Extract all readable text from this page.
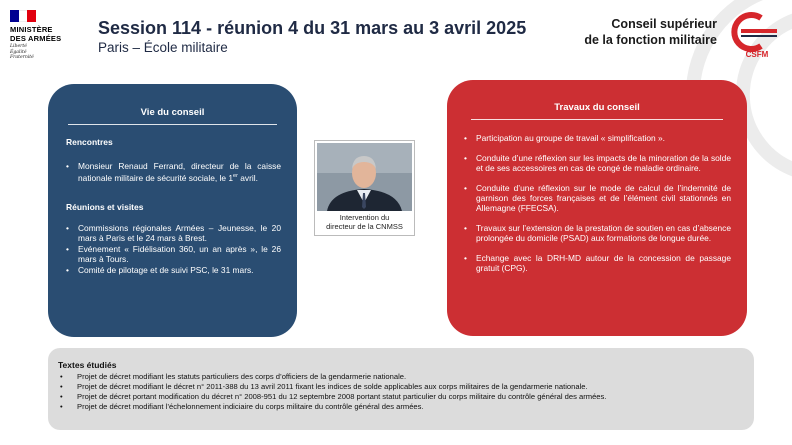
MINISTÈRE
DES ARMÉES
Liberté
Égalité
Fraternité
Session 114 - réunion 4 du 31 mars au 3 avril 2025
Paris – École militaire
Conseil supérieur
de la fonction militaire
CSFM
Vie du conseil
Rencontres
• Monsieur Renaud Ferrand, directeur de la caisse nationale militaire de sécurité sociale, le 1er avril.
Réunions et visites
• Commissions régionales Armées – Jeunesse, le 20 mars à Paris et le 24 mars à Brest.
• Evénement « Fidélisation 360, un an après », le 26 mars à Tours.
• Comité de pilotage et de suivi PSC, le 31 mars.
Intervention du
directeur de la CNMSS
Travaux du conseil
• Participation au groupe de travail « simplification ».
• Conduite d’une réflexion sur les impacts de la minoration de la solde et de ses accessoires en cas de congé de maladie ordinaire.
• Conduite d’une réflexion sur le mode de calcul de l’indemnité de garnison des forces françaises et de l’élément civil stationnés en Allemagne (FFECSA).
• Travaux sur l’extension de la prestation de soutien en cas d’absence prolongée du domicile (PSAD) aux formations de longue durée.
• Echange avec la DRH-MD autour de la concession de passage gratuit (CPG).
Textes étudiés
• Projet de décret modifiant les statuts particuliers des corps d’officiers de la gendarmerie nationale.
• Projet de décret modifiant le décret n° 2011-388 du 13 avril 2011 fixant les indices de solde applicables aux corps militaires de la gendarmerie nationale.
• Projet de décret portant modification du décret n° 2008-951 du 12 septembre 2008 portant statut particulier du corps militaire du contrôle général des armées.
• Projet de décret modifiant l’échelonnement indiciaire du corps militaire du contrôle général des armées.
